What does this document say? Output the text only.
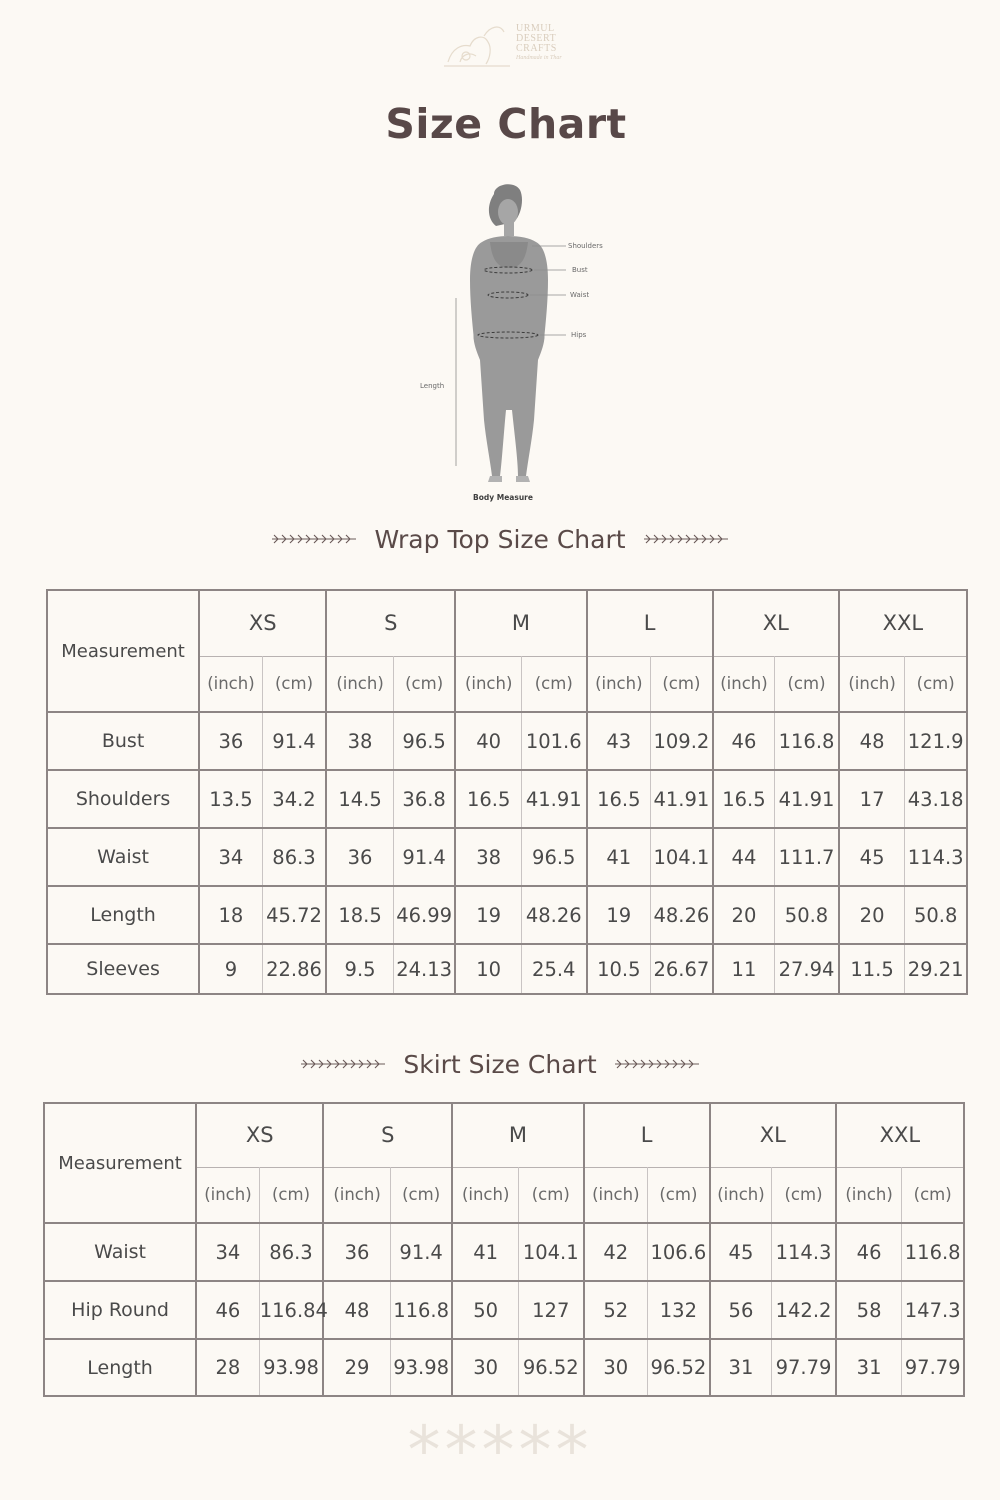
URMUL
DESERT
CRAFTS
Handmade in Thar
Size Chart
Shoulders
Bust
Waist
Hips
Length
Body Measure
Wrap Top Size Chart
Measurement	XS		S		M		L		XL		XXL	
	(inch)	(cm)	(inch)	(cm)	(inch)	(cm)	(inch)	(cm)	(inch)	(cm)	(inch)	(cm)
Bust	36	91.4	38	96.5	40	101.6	43	109.2	46	116.8	48	121.9
Shoulders	13.5	34.2	14.5	36.8	16.5	41.91	16.5	41.91	16.5	41.91	17	43.18
Waist	34	86.3	36	91.4	38	96.5	41	104.1	44	111.7	45	114.3
Length	18	45.72	18.5	46.99	19	48.26	19	48.26	20	50.8	20	50.8
Sleeves	9	22.86	9.5	24.13	10	25.4	10.5	26.67	11	27.94	11.5	29.21
Skirt Size Chart
Measurement	XS		S		M		L		XL		XXL	
	(inch)	(cm)	(inch)	(cm)	(inch)	(cm)	(inch)	(cm)	(inch)	(cm)	(inch)	(cm)
Waist	34	86.3	36	91.4	41	104.1	42	106.6	45	114.3	46	116.8
Hip Round	46	116.84	48	116.8	50	127	52	132	56	142.2	58	147.3
Length	28	93.98	29	93.98	30	96.52	30	96.52	31	97.79	31	97.79
*****
